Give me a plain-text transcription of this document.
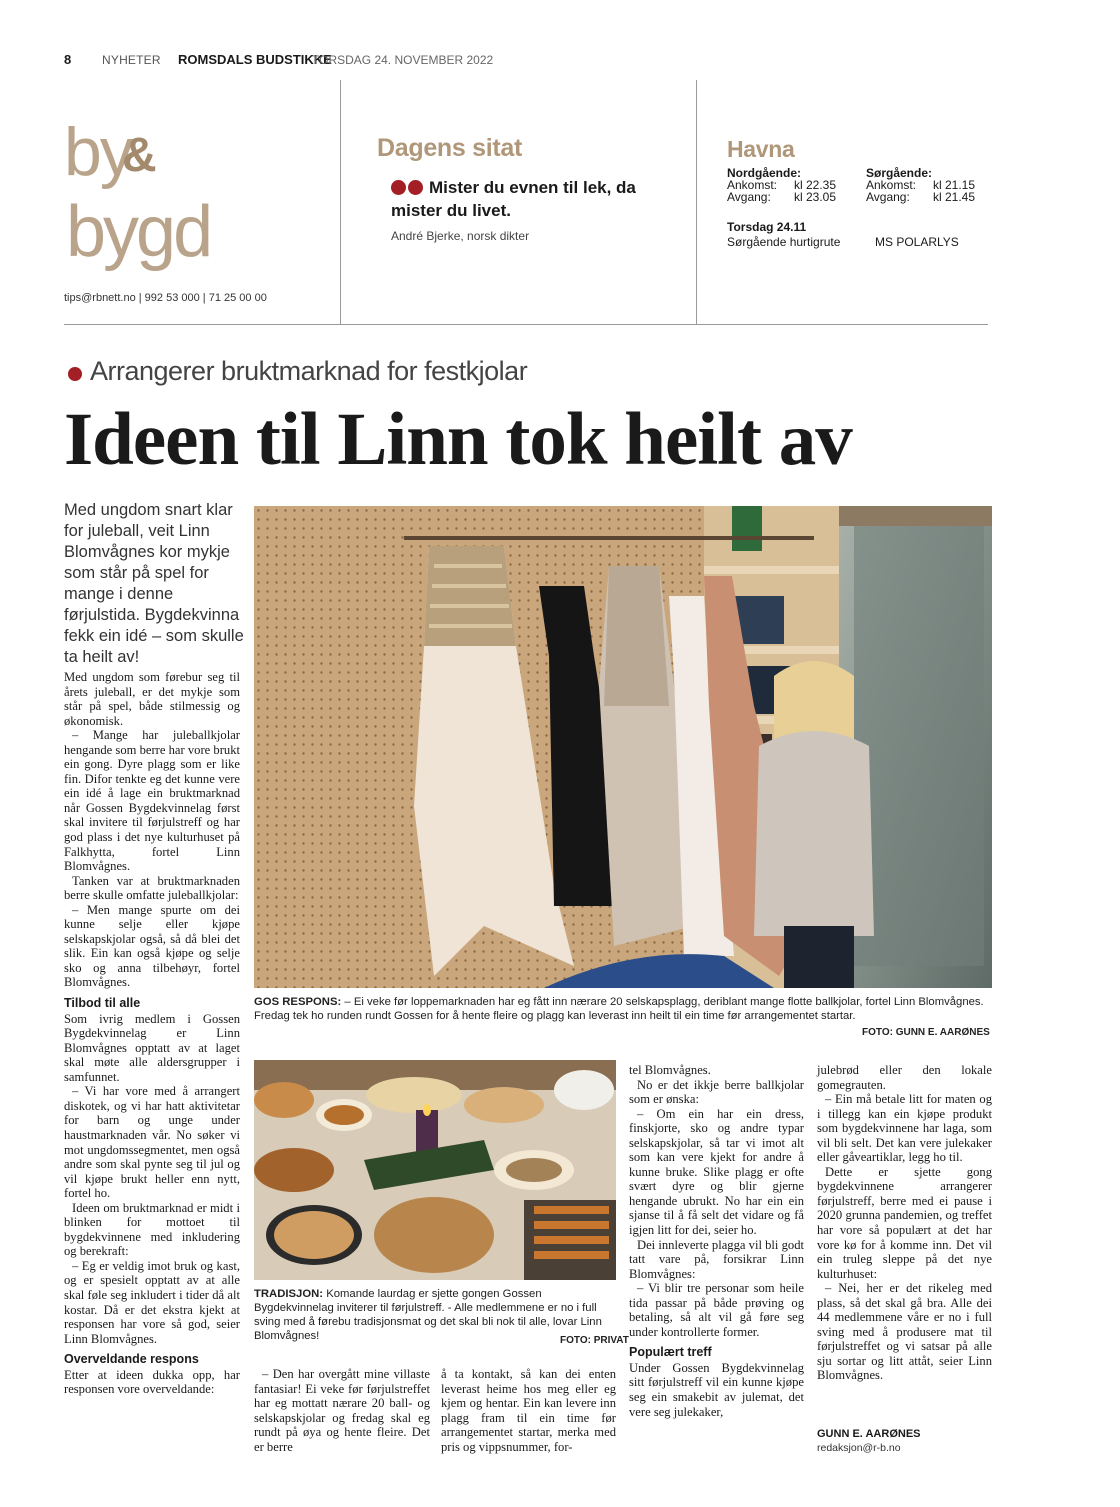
8	NYHETER ROMSDALS BUDSTIKKE
TORSDAG 24. NOVEMBER 2022
by
&
bygd
tips@rbnett.no | 992 53 000 | 71 25 00 00
Dagens sitat
Mister du evnen til lek, da mister du livet.
André Bjerke, norsk dikter
Havna
Nordgående:
Ankomst: kl 22.35
Avgang: kl 23.05
Sørgående:
Ankomst: kl 21.15
Avgang: kl 21.45
Torsdag 24.11
Sørgående hurtigrute	MS POLARLYS
Arrangerer bruktmarknad for festkjolar
Ideen til Linn tok heilt av
Med ungdom snart klar for juleball, veit Linn Blomvågnes kor mykje som står på spel for mange i denne førjulstida. Bygdekvinna fekk ein idé – som skulle ta heilt av!
GOS RESPONS: – Ei veke før loppemarknaden har eg fått inn nærare 20 selskapsplagg, deriblant mange flotte ballkjolar, fortel Linn Blomvågnes. Fredag tek ho runden rundt Gossen for å hente fleire og plagg kan leverast inn heilt til ein time før arrangementet startar.
FOTO: GUNN E. AARØNES
TRADISJON: Komande laurdag er sjette gongen Gossen Bygdekvinnelag inviterer til førjulstreff. - Alle medlemmene er no i full sving med å førebu tradisjonsmat og det skal bli nok til alle, lovar Linn Blomvågnes!	FOTO: PRIVAT

Med ungdom som førebur seg til årets juleball, er det mykje som står på spel, både stilmessig og økonomisk.

– Mange har juleballkjolar hengande som berre har vore brukt ein gong. Dyre plagg som er like fin. Difor tenkte eg det kunne vere ein idé å lage ein bruktmarknad når Gossen Bygdekvinnelag først skal invitere til førjulstreff og har god plass i det nye kulturhuset på Falkhytta, fortel Linn Blomvågnes.

Tanken var at bruktmarknaden berre skulle omfatte juleballkjolar:

– Men mange spurte om dei kunne selje eller kjøpe selskapskjolar også, så då blei det slik. Ein kan også kjøpe og selje sko og anna tilbehøyr, fortel Blomvågnes.

Tilbod til alle

Som ivrig medlem i Gossen Bygdekvinnelag er Linn Blomvågnes opptatt av at laget skal møte alle aldersgrupper i samfunnet.

– Vi har vore med å arrangert diskotek, og vi har hatt aktivitetar for barn og unge under haustmarknaden vår. No søker vi mot ungdomssegmentet, men også andre som skal pynte seg til jul og vil kjøpe brukt heller enn nytt, fortel ho.

Ideen om bruktmarknad er midt i blinken for mottoet til bygdekvinnene med inkludering og berekraft:

– Eg er veldig imot bruk og kast, og er spesielt opptatt av at alle skal føle seg inkludert i tider då alt kostar. Då er det ekstra kjekt at responsen har vore så god, seier Linn Blomvågnes.

Overveldande respons

Etter at ideen dukka opp, har responsen vore overveldande:

– Den har overgått mine villaste fantasiar! Ei veke før førjulstreffet har eg mottatt nærare 20 ball- og selskapskjolar og fredag skal eg rundt på øya og hente fleire. Det er berre

å ta kontakt, så kan dei enten leverast heime hos meg eller eg kjem og hentar. Ein kan levere inn plagg fram til ein time før arrangementet startar, merka med pris og vippsnummer, for-

tel Blomvågnes.

No er det ikkje berre ballkjolar som er ønska:

– Om ein har ein dress, finskjorte, sko og andre typar selskapskjolar, så tar vi imot alt som kan vere kjekt for andre å kunne bruke. Slike plagg er ofte svært dyre og blir gjerne hengande ubrukt. No har ein ein sjanse til å få selt det vidare og få igjen litt for dei, seier ho.

Dei innleverte plagga vil bli godt tatt vare på, forsikrar Linn Blomvågnes:

– Vi blir tre personar som heile tida passar på både prøving og betaling, så alt vil gå føre seg under kontrollerte former.

Populært treff

Under Gossen Bygdekvinnelag sitt førjulstreff vil ein kunne kjøpe seg ein smakebit av julemat, det vere seg julekaker,

julebrød eller den lokale gomegrauten.

– Ein må betale litt for maten og i tillegg kan ein kjøpe produkt som bygdekvinnene har laga, som vil bli selt. Det kan vere julekaker eller gåveartiklar, legg ho til.

Dette er sjette gong bygdekvinnene arrangerer førjulstreff, berre med ei pause i 2020 grunna pandemien, og treffet har vore så populært at det har vore kø for å komme inn. Det vil ein truleg sleppe på det nye kulturhuset:

– Nei, her er det rikeleg med plass, så det skal gå bra. Alle dei 44 medlemmene våre er no i full sving med å produsere mat til førjulstreffet og vi satsar på alle sju sortar og litt attåt, seier Linn Blomvågnes.

GUNN E. AARØNES
redaksjon@r-b.no
